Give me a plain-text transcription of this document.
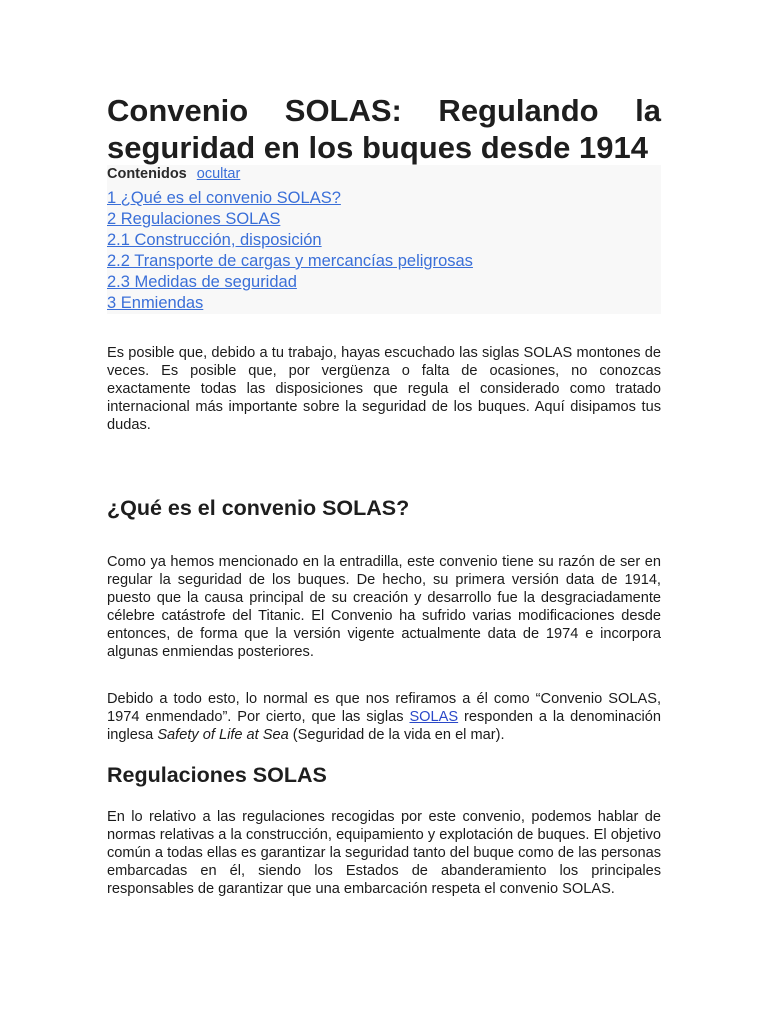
Convenio SOLAS: Regulando la seguridad en los buques desde 1914
Contenidos ocultar
1 ¿Qué es el convenio SOLAS?
2 Regulaciones SOLAS
2.1 Construcción, disposición
2.2 Transporte de cargas y mercancías peligrosas
2.3 Medidas de seguridad
3 Enmiendas

Es posible que, debido a tu trabajo, hayas escuchado las siglas SOLAS montones de veces. Es posible que, por vergüenza o falta de ocasiones, no conozcas exactamente todas las disposiciones que regula el considerado como tratado internacional más importante sobre la seguridad de los buques. Aquí disipamos tus dudas.

¿Qué es el convenio SOLAS?

Como ya hemos mencionado en la entradilla, este convenio tiene su razón de ser en regular la seguridad de los buques. De hecho, su primera versión data de 1914, puesto que la causa principal de su creación y desarrollo fue la desgraciadamente célebre catástrofe del Titanic. El Convenio ha sufrido varias modificaciones desde entonces, de forma que la versión vigente actualmente data de 1974 e incorpora algunas enmiendas posteriores.

Debido a todo esto, lo normal es que nos refiramos a él como “Convenio SOLAS, 1974 enmendado”. Por cierto, que las siglas SOLAS responden a la denominación inglesa Safety of Life at Sea (Seguridad de la vida en el mar).

Regulaciones SOLAS

En lo relativo a las regulaciones recogidas por este convenio, podemos hablar de normas relativas a la construcción, equipamiento y explotación de buques. El objetivo común a todas ellas es garantizar la seguridad tanto del buque como de las personas embarcadas en él, siendo los Estados de abanderamiento los principales responsables de garantizar que una embarcación respeta el convenio SOLAS.
